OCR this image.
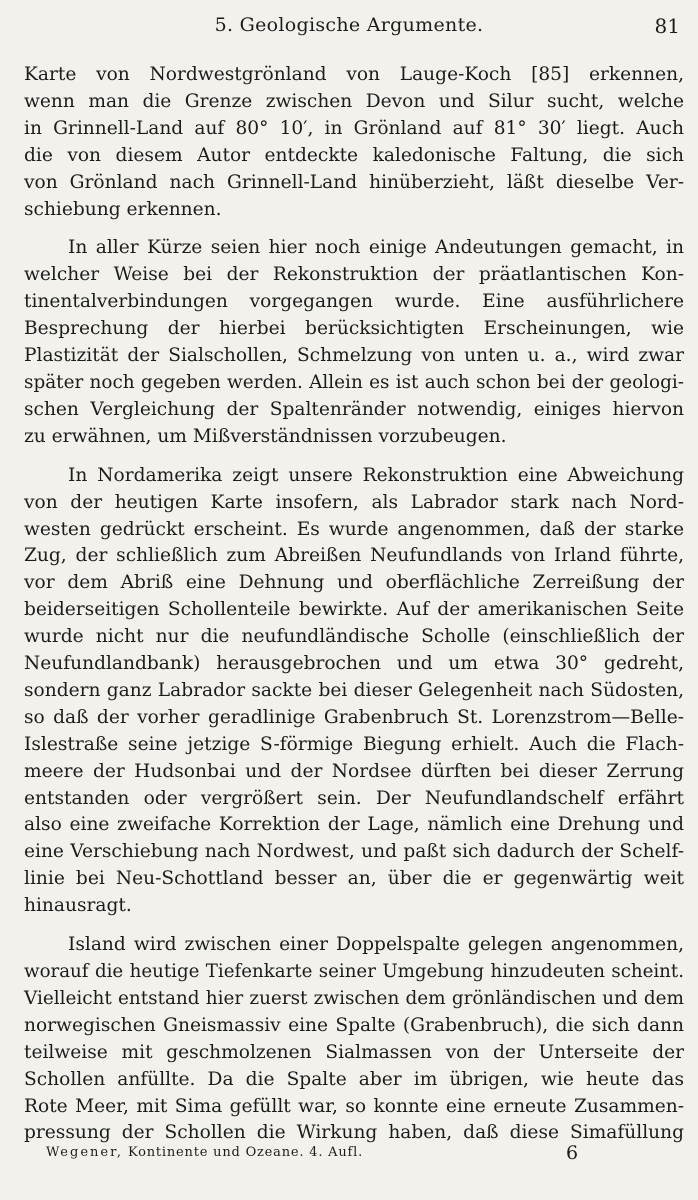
5. Geologische Argumente.	81

Karte von Nordwestgrönland von Lauge-Koch [85] erkennen,
wenn man die Grenze zwischen Devon und Silur sucht, welche
in Grinnell-Land auf 80° 10′, in Grönland auf 81° 30′ liegt. Auch
die von diesem Autor entdeckte kaledonische Faltung, die sich
von Grönland nach Grinnell-Land hinüberzieht, läßt dieselbe Ver-
schiebung erkennen.

In aller Kürze seien hier noch einige Andeutungen gemacht, in
welcher Weise bei der Rekonstruktion der präatlantischen Kon-
tinentalverbindungen vorgegangen wurde. Eine ausführlichere
Besprechung der hierbei berücksichtigten Erscheinungen, wie
Plastizität der Sialschollen, Schmelzung von unten u. a., wird zwar
später noch gegeben werden. Allein es ist auch schon bei der geologi-
schen Vergleichung der Spaltenränder notwendig, einiges hiervon
zu erwähnen, um Mißverständnissen vorzubeugen.

In Nordamerika zeigt unsere Rekonstruktion eine Abweichung
von der heutigen Karte insofern, als Labrador stark nach Nord-
westen gedrückt erscheint. Es wurde angenommen, daß der starke
Zug, der schließlich zum Abreißen Neufundlands von Irland führte,
vor dem Abriß eine Dehnung und oberflächliche Zerreißung der
beiderseitigen Schollenteile bewirkte. Auf der amerikanischen Seite
wurde nicht nur die neufundländische Scholle (einschließlich der
Neufundlandbank) herausgebrochen und um etwa 30° gedreht,
sondern ganz Labrador sackte bei dieser Gelegenheit nach Südosten,
so daß der vorher geradlinige Grabenbruch St. Lorenzstrom—Belle-
Islestraße seine jetzige S-förmige Biegung erhielt. Auch die Flach-
meere der Hudsonbai und der Nordsee dürften bei dieser Zerrung
entstanden oder vergrößert sein. Der Neufundlandschelf erfährt
also eine zweifache Korrektion der Lage, nämlich eine Drehung und
eine Verschiebung nach Nordwest, und paßt sich dadurch der Schelf-
linie bei Neu-Schottland besser an, über die er gegenwärtig weit
hinausragt.

Island wird zwischen einer Doppelspalte gelegen angenommen,
worauf die heutige Tiefenkarte seiner Umgebung hinzudeuten scheint.
Vielleicht entstand hier zuerst zwischen dem grönländischen und dem
norwegischen Gneismassiv eine Spalte (Grabenbruch), die sich dann
teilweise mit geschmolzenen Sialmassen von der Unterseite der
Schollen anfüllte. Da die Spalte aber im übrigen, wie heute das
Rote Meer, mit Sima gefüllt war, so konnte eine erneute Zusammen-
pressung der Schollen die Wirkung haben, daß diese Simafüllung

Wegener, Kontinente und Ozeane. 4. Aufl.	6
